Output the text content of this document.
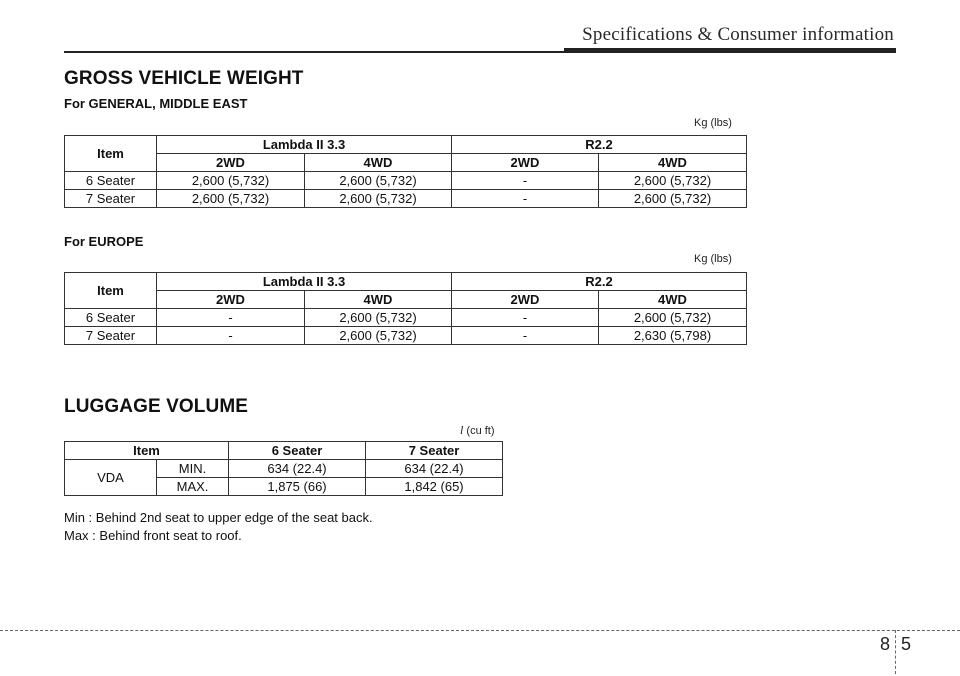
Specifications & Consumer information
GROSS VEHICLE WEIGHT
For GENERAL, MIDDLE EAST
Kg (lbs)
Item	Lambda II 3.3		R2.2	
	2WD	4WD	2WD	4WD
6 Seater	2,600 (5,732)	2,600 (5,732)	-	2,600 (5,732)
7 Seater	2,600 (5,732)	2,600 (5,732)	-	2,600 (5,732)
For EUROPE
Kg (lbs)
Item	Lambda II 3.3		R2.2	
	2WD	4WD	2WD	4WD
6 Seater	-	2,600 (5,732)	-	2,600 (5,732)
7 Seater	-	2,600 (5,732)	-	2,630 (5,798)
LUGGAGE VOLUME
l (cu ft)
Item		6 Seater	7 Seater
VDA	MIN.	634 (22.4)	634 (22.4)
	MAX.	1,875 (66)	1,842 (65)
Min : Behind 2nd seat to upper edge of the seat back.
Max : Behind front seat to roof.
8 5
